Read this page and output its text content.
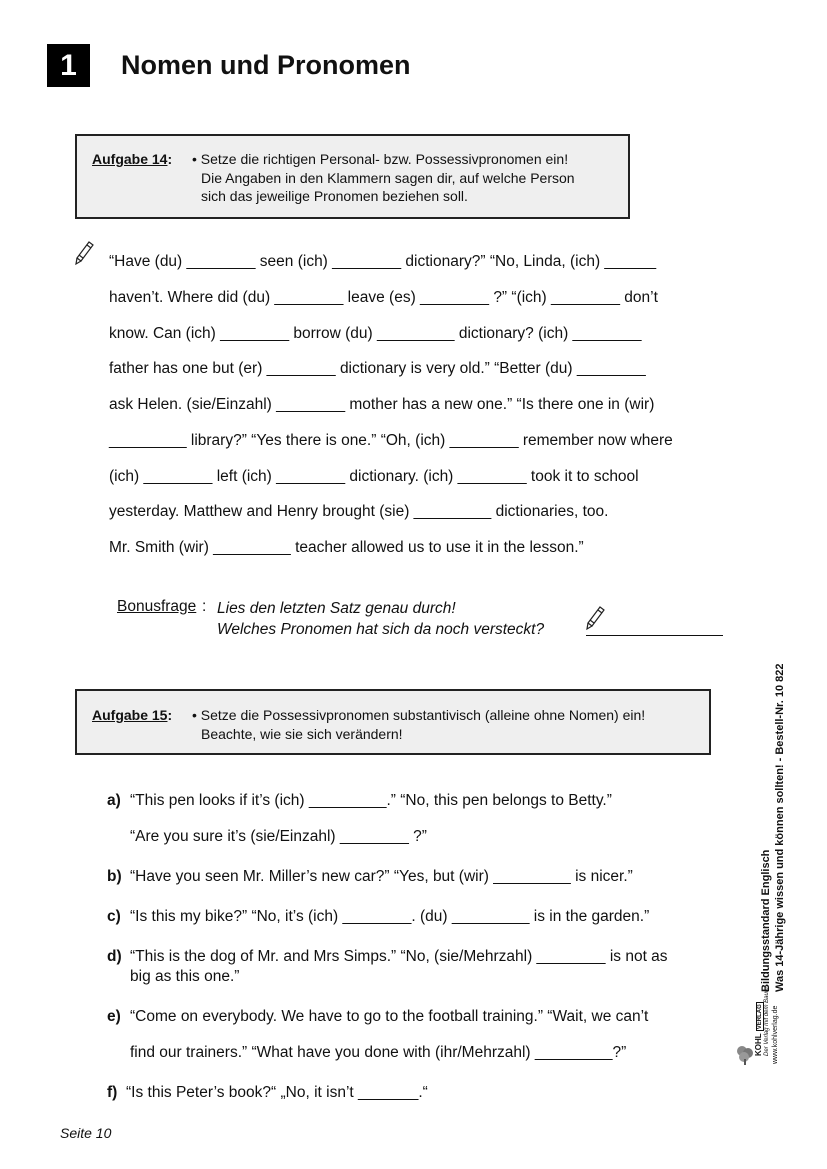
1	Nomen und Pronomen
Aufgabe 14: • Setze die richtigen Personal- bzw. Possessivpronomen ein!
Die Angaben in den Klammern sagen dir, auf welche Person
sich das jeweilige Pronomen beziehen soll.
“Have (du) ________ seen (ich) ________ dictionary?” “No, Linda, (ich) ______
haven’t. Where did (du) ________ leave (es) ________ ?” “(ich) ________ don’t
know. Can (ich) ________ borrow (du) _________ dictionary? (ich) ________
father has one but (er) ________ dictionary is very old.” “Better (du) ________
ask Helen. (sie/Einzahl) ________ mother has a new one.” “Is there one in (wir)
_________ library?” “Yes there is one.” “Oh, (ich) ________ remember now where
(ich) ________ left (ich) ________ dictionary. (ich) ________ took it to school
yesterday. Matthew and Henry brought (sie) _________ dictionaries, too.
Mr. Smith (wir) _________ teacher allowed us to use it in the lesson.”
Bonusfrage : Lies den letzten Satz genau durch!
Welches Pronomen hat sich da noch versteckt?
Aufgabe 15: • Setze die Possessivpronomen substantivisch (alleine ohne Nomen) ein!
Beachte, wie sie sich verändern!
a) “This pen looks if it’s (ich) _________.” “No, this pen belongs to Betty.”
“Are you sure it’s (sie/Einzahl) ________ ?”
b) “Have you seen Mr. Miller’s new car?” “Yes, but (wir) _________ is nicer.”
c) “Is this my bike?” “No, it’s (ich) ________. (du) _________ is in the garden.”
d) “This is the dog of Mr. and Mrs Simps.” “No, (sie/Mehrzahl) ________ is not as
big as this one.”
e) “Come on everybody. We have to go to the football training.” “Wait, we can’t
find our trainers.” “What have you done with (ihr/Mehrzahl) _________?”
f) “Is this Peter’s book?“ „No, it isn’t _______.“
Seite 10
Bildungsstandard Englisch Was 14-Jährige wissen und können sollten! - Bestell-Nr. 10 822
KOHL VERLAG Der Verlag mit dem Baum www.kohlverlag.de
